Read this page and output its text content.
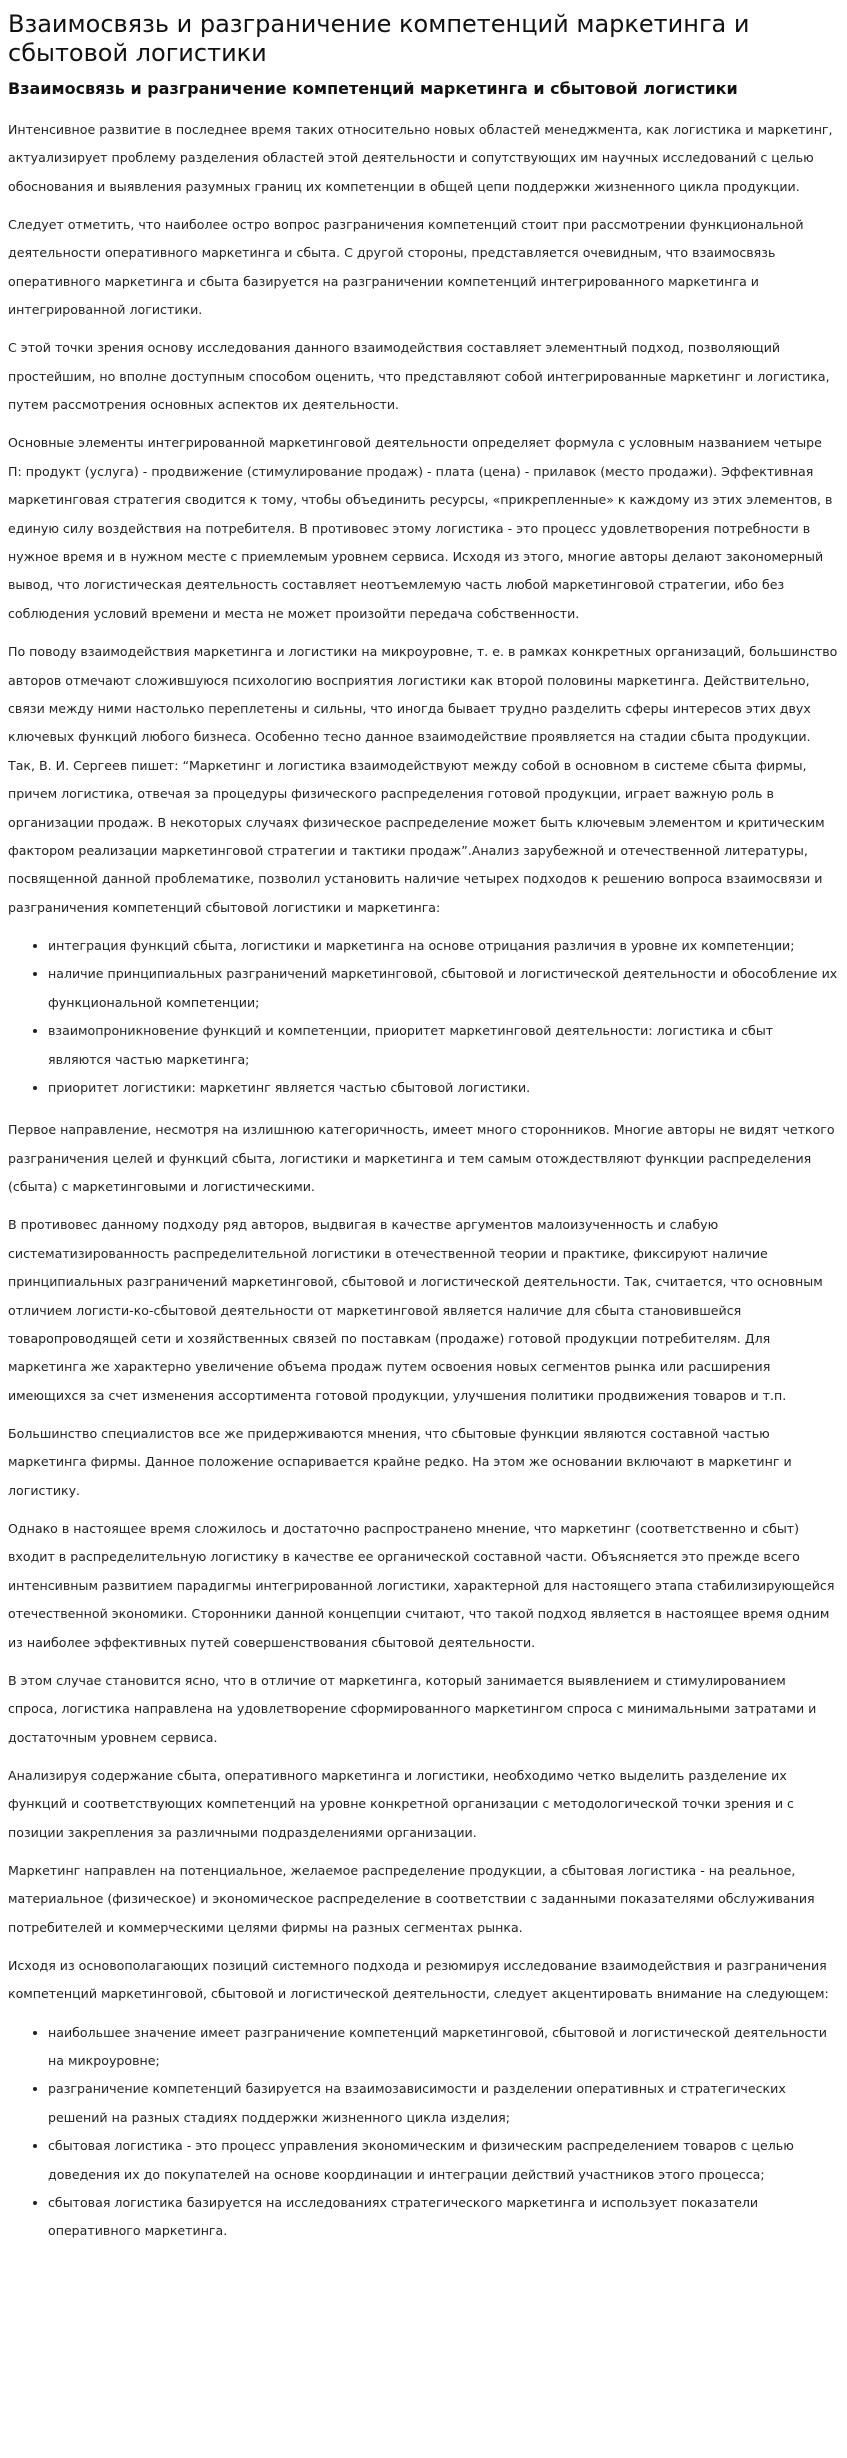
Взаимосвязь и разграничение компетенций маркетинга и сбытовой логистики
Взаимосвязь и разграничение компетенций маркетинга и сбытовой логистики

Интенсивное развитие в последнее время таких относительно новых областей менеджмента, как логистика и маркетинг, актуализирует проблему разделения областей этой деятельности и сопутствующих им научных исследований с целью обоснования и выявления разумных границ их компетенции в общей цепи поддержки жизненного цикла продукции.

Следует отметить, что наиболее остро вопрос разграничения компетенций стоит при рассмотрении функциональной деятельности оперативного маркетинга и сбыта. С другой стороны, представляется очевидным, что взаимосвязь оперативного маркетинга и сбыта базируется на разграничении компетенций интегрированного маркетинга и интегрированной логистики.

С этой точки зрения основу исследования данного взаимодействия составляет элементный подход, позволяющий простейшим, но вполне доступным способом оценить, что представляют собой интегрированные маркетинг и логистика, путем рассмотрения основных аспектов их деятельности.

Основные элементы интегрированной маркетинговой деятельности определяет формула с условным названием четыре П: продукт (услуга) - продвижение (стимулирование продаж) - плата (цена) - прилавок (место продажи). Эффективная маркетинговая стратегия сводится к тому, чтобы объединить ресурсы, «прикрепленные» к каждому из этих элементов, в единую силу воздействия на потребителя. В противовес этому логистика - это процесс удовлетворения потребности в нужное время и в нужном месте с приемлемым уровнем сервиса. Исходя из этого, многие авторы делают закономерный вывод, что логистическая деятельность составляет неотъемлемую часть любой маркетинговой стратегии, ибо без соблюдения условий времени и места не может произойти передача собственности.

По поводу взаимодействия маркетинга и логистики на микроуровне, т. е. в рамках конкретных организаций, большинство авторов отмечают сложившуюся психологию восприятия логистики как второй половины маркетинга. Действительно, связи между ними настолько переплетены и сильны, что иногда бывает трудно разделить сферы интересов этих двух ключевых функций любого бизнеса. Особенно тесно данное взаимодействие проявляется на стадии сбыта продукции. Так, В. И. Сергеев пишет: “Маркетинг и логистика взаимодействуют между собой в основном в системе сбыта фирмы, причем логистика, отвечая за процедуры физического распределения готовой продукции, играет важную роль в организации продаж. В некоторых случаях физическое распределение может быть ключевым элементом и критическим фактором реализации маркетинговой стратегии и тактики продаж”.Анализ зарубежной и отечественной литературы, посвященной данной проблематике, позволил установить наличие четырех подходов к решению вопроса взаимосвязи и разграничения компетенций сбытовой логистики и маркетинга:

• интеграция функций сбыта, логистики и маркетинга на основе отрицания различия в уровне их компетенции;
• наличие принципиальных разграничений маркетинговой, сбытовой и логистической деятельности и обособление их функциональной компетенции;
• взаимопроникновение функций и компетенции, приоритет маркетинговой деятельности: логистика и сбыт являются частью маркетинга;
• приоритет логистики: маркетинг является частью сбытовой логистики.

Первое направление, несмотря на излишнюю категоричность, имеет много сторонников. Многие авторы не видят четкого разграничения целей и функций сбыта, логистики и маркетинга и тем самым отождествляют функции распределения (сбыта) с маркетинговыми и логистическими.

В противовес данному подходу ряд авторов, выдвигая в качестве аргументов малоизученность и слабую систематизированность распределительной логистики в отечественной теории и практике, фиксируют наличие принципиальных разграничений маркетинговой, сбытовой и логистической деятельности. Так, считается, что основным отличием логисти-ко-сбытовой деятельности от маркетинговой является наличие для сбыта становившейся товаропроводящей сети и хозяйственных связей по поставкам (продаже) готовой продукции потребителям. Для маркетинга же характерно увеличение объема продаж путем освоения новых сегментов рынка или расширения имеющихся за счет изменения ассортимента готовой продукции, улучшения политики продвижения товаров и т.п.

Большинство специалистов все же придерживаются мнения, что сбытовые функции являются составной частью маркетинга фирмы. Данное положение оспаривается крайне редко. На этом же основании включают в маркетинг и логистику.

Однако в настоящее время сложилось и достаточно распространено мнение, что маркетинг (соответственно и сбыт) входит в распределительную логистику в качестве ее органической составной части. Объясняется это прежде всего интенсивным развитием парадигмы интегрированной логистики, характерной для настоящего этапа стабилизирующейся отечественной экономики. Сторонники данной концепции считают, что такой подход является в настоящее время одним из наиболее эффективных путей совершенствования сбытовой деятельности.

В этом случае становится ясно, что в отличие от маркетинга, который занимается выявлением и стимулированием спроса, логистика направлена на удовлетворение сформированного маркетингом спроса с минимальными затратами и достаточным уровнем сервиса.

Анализируя содержание сбыта, оперативного маркетинга и логистики, необходимо четко выделить разделение их функций и соответствующих компетенций на уровне конкретной организации с методологической точки зрения и с позиции закрепления за различными подразделениями организации.

Маркетинг направлен на потенциальное, желаемое распределение продукции, а сбытовая логистика - на реальное, материальное (физическое) и экономическое распределение в соответствии с заданными показателями обслуживания потребителей и коммерческими целями фирмы на разных сегментах рынка.

Исходя из основополагающих позиций системного подхода и резюмируя исследование взаимодействия и разграничения компетенций маркетинговой, сбытовой и логистической деятельности, следует акцентировать внимание на следующем:

• наибольшее значение имеет разграничение компетенций маркетинговой, сбытовой и логистической деятельности на микроуровне;
• разграничение компетенций базируется на взаимозависимости и разделении оперативных и стратегических решений на разных стадиях поддержки жизненного цикла изделия;
• сбытовая логистика - это процесс управления экономическим и физическим распределением товаров с целью доведения их до покупателей на основе координации и интеграции действий участников этого процесса;
• сбытовая логистика базируется на исследованиях стратегического маркетинга и использует показатели оперативного маркетинга.
